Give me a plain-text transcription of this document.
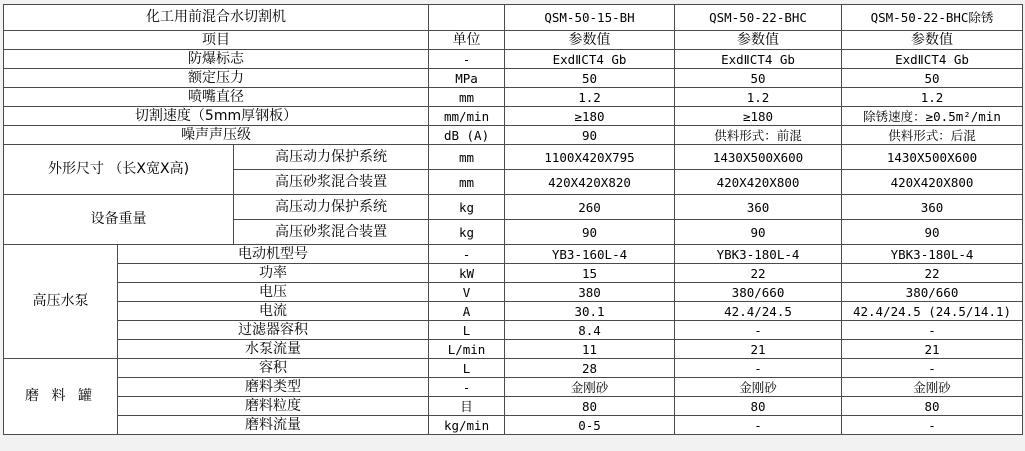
化工用前混合水切割机				QSM-50-15-BH	QSM-50-22-BHC	QSM-50-22-BHC除锈
项目			单位	参数值	参数值	参数值
防爆标志			-	ExdⅡCT4 Gb	ExdⅡCT4 Gb	ExdⅡCT4 Gb
额定压力			MPa	50	50	50
喷嘴直径			mm	1.2	1.2	1.2
切割速度（5mm厚钢板）			mm/min	≥180	≥180	除锈速度：≥0.5m²/min
噪声声压级			dB (A)	90	供料形式：前混	供料形式：后混
外形尺寸 （长X宽X高)		高压动力保护系统	mm	1100X420X795	1430X500X600	1430X500X600
		高压砂浆混合装置	mm	420X420X820	420X420X800	420X420X800
设备重量		高压动力保护系统	kg	260	360	360
		高压砂浆混合装置	kg	90	90	90
高压水泵	电动机型号		-	YB3-160L-4	YBK3-180L-4	YBK3-180L-4
	功率		kW	15	22	22
	电压		V	380	380/660	380/660
	电流		A	30.1	42.4/24.5	42.4/24.5 (24.5/14.1)
	过滤器容积		L	8.4	-	-
	水泵流量		L/min	11	21	21
磨 料 罐	容积		L	28	-	-
	磨料类型		-	金刚砂	金刚砂	金刚砂
	磨料粒度		目	80	80	80
	磨料流量		kg/min	0-5	-	-
